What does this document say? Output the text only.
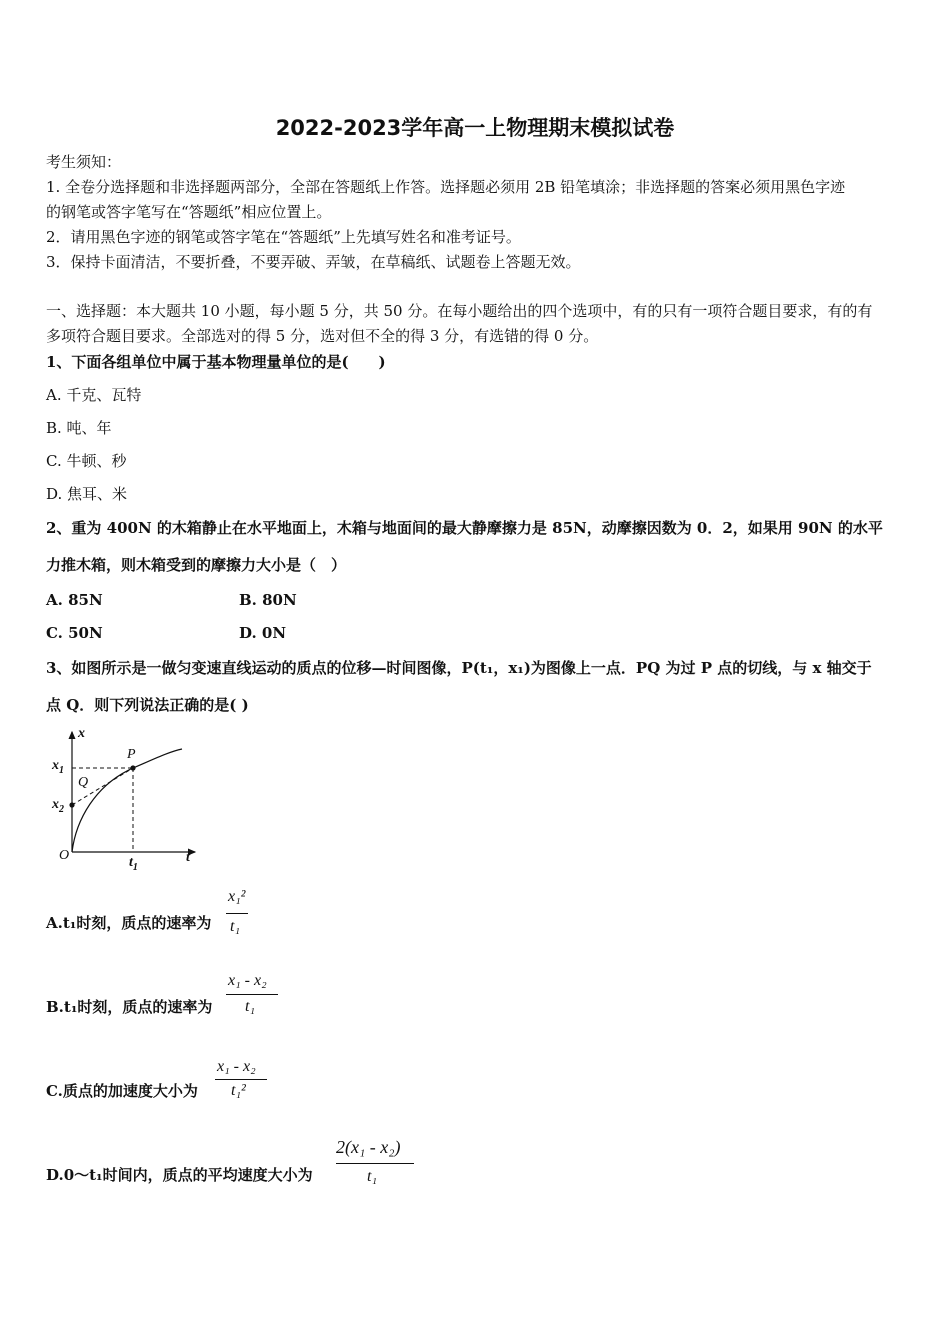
2022-2023学年高一上物理期末模拟试卷
考生须知：
1. 全卷分选择题和非选择题两部分，全部在答题纸上作答。选择题必须用 2B 铅笔填涂；非选择题的答案必须用黑色字迹
的钢笔或答字笔写在“答题纸”相应位置上。
2．请用黑色字迹的钢笔或答字笔在“答题纸”上先填写姓名和准考证号。
3．保持卡面清洁，不要折叠，不要弄破、弄皱，在草稿纸、试题卷上答题无效。
一、选择题：本大题共 10 小题，每小题 5 分，共 50 分。在每小题给出的四个选项中，有的只有一项符合题目要求，有的有
多项符合题目要求。全部选对的得 5 分，选对但不全的得 3 分，有选错的得 0 分。
1、下面各组单位中属于基本物理量单位的是(　　)
A. 千克、瓦特
B. 吨、年
C. 牛顿、秒
D. 焦耳、米
2、重为 400N 的木箱静止在水平地面上，木箱与地面间的最大静摩擦力是 85N，动摩擦因数为 0．2，如果用 90N 的水平
力推木箱，则木箱受到的摩擦力大小是（　）
A. 85N	B. 80N
C. 50N	D. 0N
3、如图所示是一做匀变速直线运动的质点的位移—时间图像，P(t₁，x₁)为图像上一点．PQ 为过 P 点的切线，与 x 轴交于
点 Q．则下列说法正确的是( )
x
t
O
P
Q
$x_1$
$x_2$
$t_1$
A.t₁时刻，质点的速率为
x₁²
t₁
B.t₁时刻，质点的速率为
x₁ - x₂
t₁
C.质点的加速度大小为
x₁ - x₂
t₁²
D.0～t₁时间内，质点的平均速度大小为
2(x₁ - x₂)
t₁
